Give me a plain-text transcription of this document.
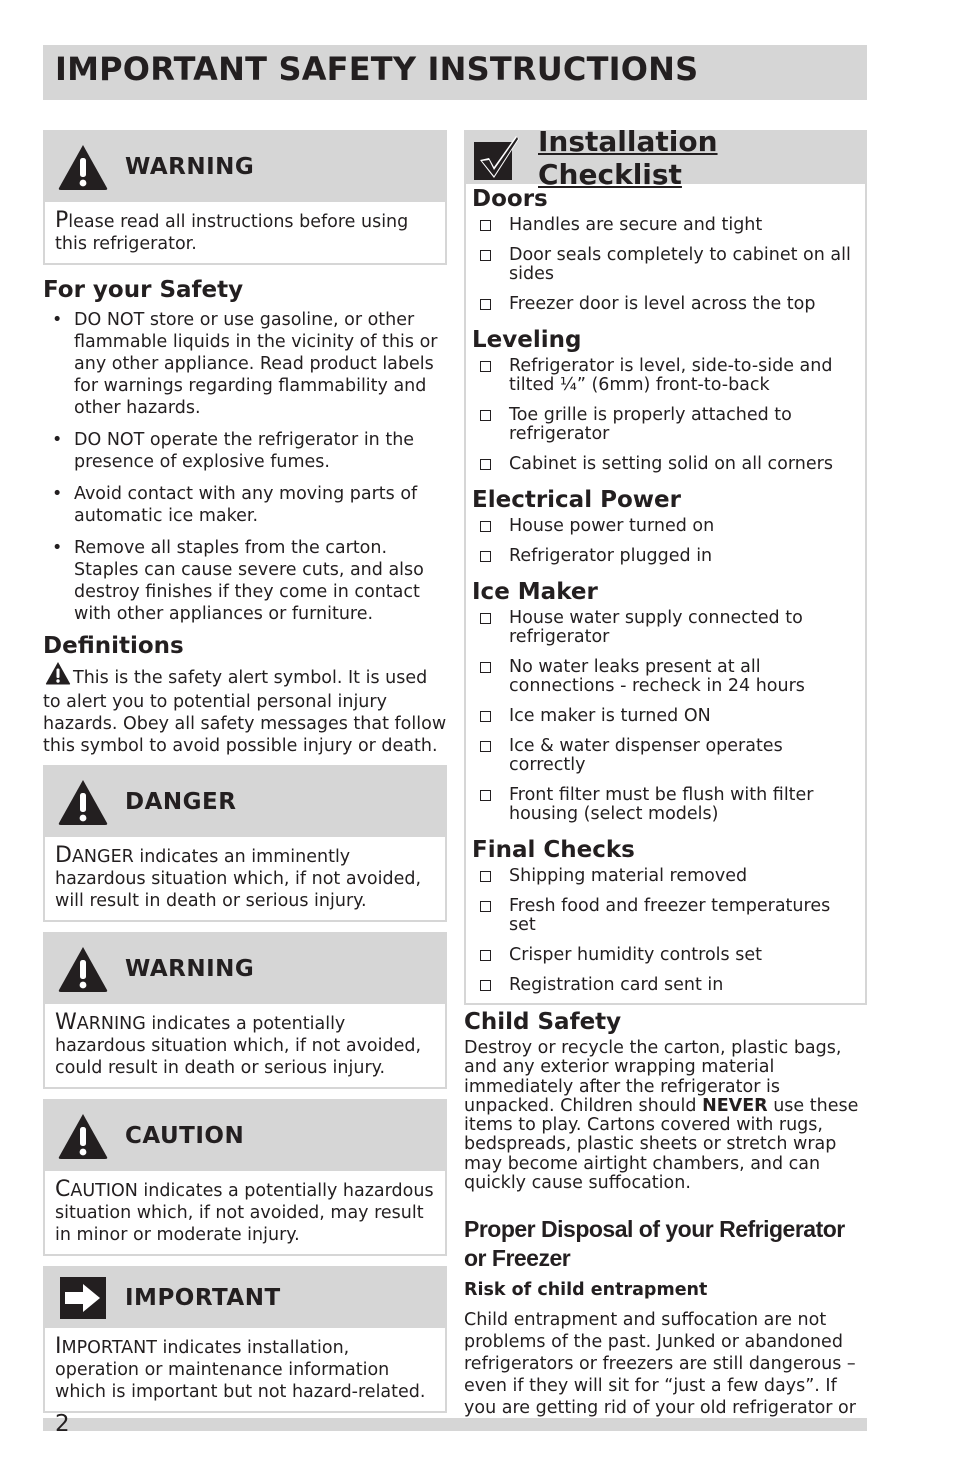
IMPORTANT SAFETY INSTRUCTIONS
WARNING
Please read all instructions before using this refrigerator.
For your Safety
• DO NOT store or use gasoline, or other flammable liquids in the vicinity of this or any other appliance. Read product labels for warnings regarding flammability and other hazards.
• DO NOT operate the refrigerator in the presence of explosive fumes.
• Avoid contact with any moving parts of automatic ice maker.
• Remove all staples from the carton. Staples can cause severe cuts, and also destroy finishes if they come in contact with other appliances or furniture.
Definitions

This is the safety alert symbol. It is used to alert you to potential personal injury hazards. Obey all safety messages that follow this symbol to avoid possible injury or death.

DANGER
DANGER indicates an imminently hazardous situation which, if not avoided, will result in death or serious injury.
WARNING
WARNING indicates a potentially hazardous situation which, if not avoided, could result in death or serious injury.
CAUTION
CAUTION indicates a potentially hazardous situation which, if not avoided, may result in minor or moderate injury.
IMPORTANT
IMPORTANT indicates installation, operation or maintenance information which is important but not hazard-related.
Installation Checklist
Doors
Handles are secure and tight
Door seals completely to cabinet on all sides
Freezer door is level across the top
Leveling
Refrigerator is level, side-to-side and tilted ¼” (6mm) front-to-back
Toe grille is properly attached to refrigerator
Cabinet is setting solid on all corners
Electrical Power
House power turned on
Refrigerator plugged in
Ice Maker
House water supply connected to refrigerator
No water leaks present at all connections - recheck in 24 hours
Ice maker is turned ON
Ice & water dispenser operates correctly
Front filter must be flush with filter housing (select models)
Final Checks
Shipping material removed
Fresh food and freezer temperatures set
Crisper humidity controls set
Registration card sent in
Child Safety

Destroy or recycle the carton, plastic bags, and any exterior wrapping material immediately after the refrigerator is unpacked. Children should NEVER use these items to play. Cartons covered with rugs, bedspreads, plastic sheets or stretch wrap may become airtight chambers, and can quickly cause suffocation.

Proper Disposal of your Refrigerator or Freezer
Risk of child entrapment

Child entrapment and suffocation are not problems of the past. Junked or abandoned refrigerators or freezers are still dangerous – even if they will sit for “just a few days”. If you are getting rid of your old refrigerator or

2
